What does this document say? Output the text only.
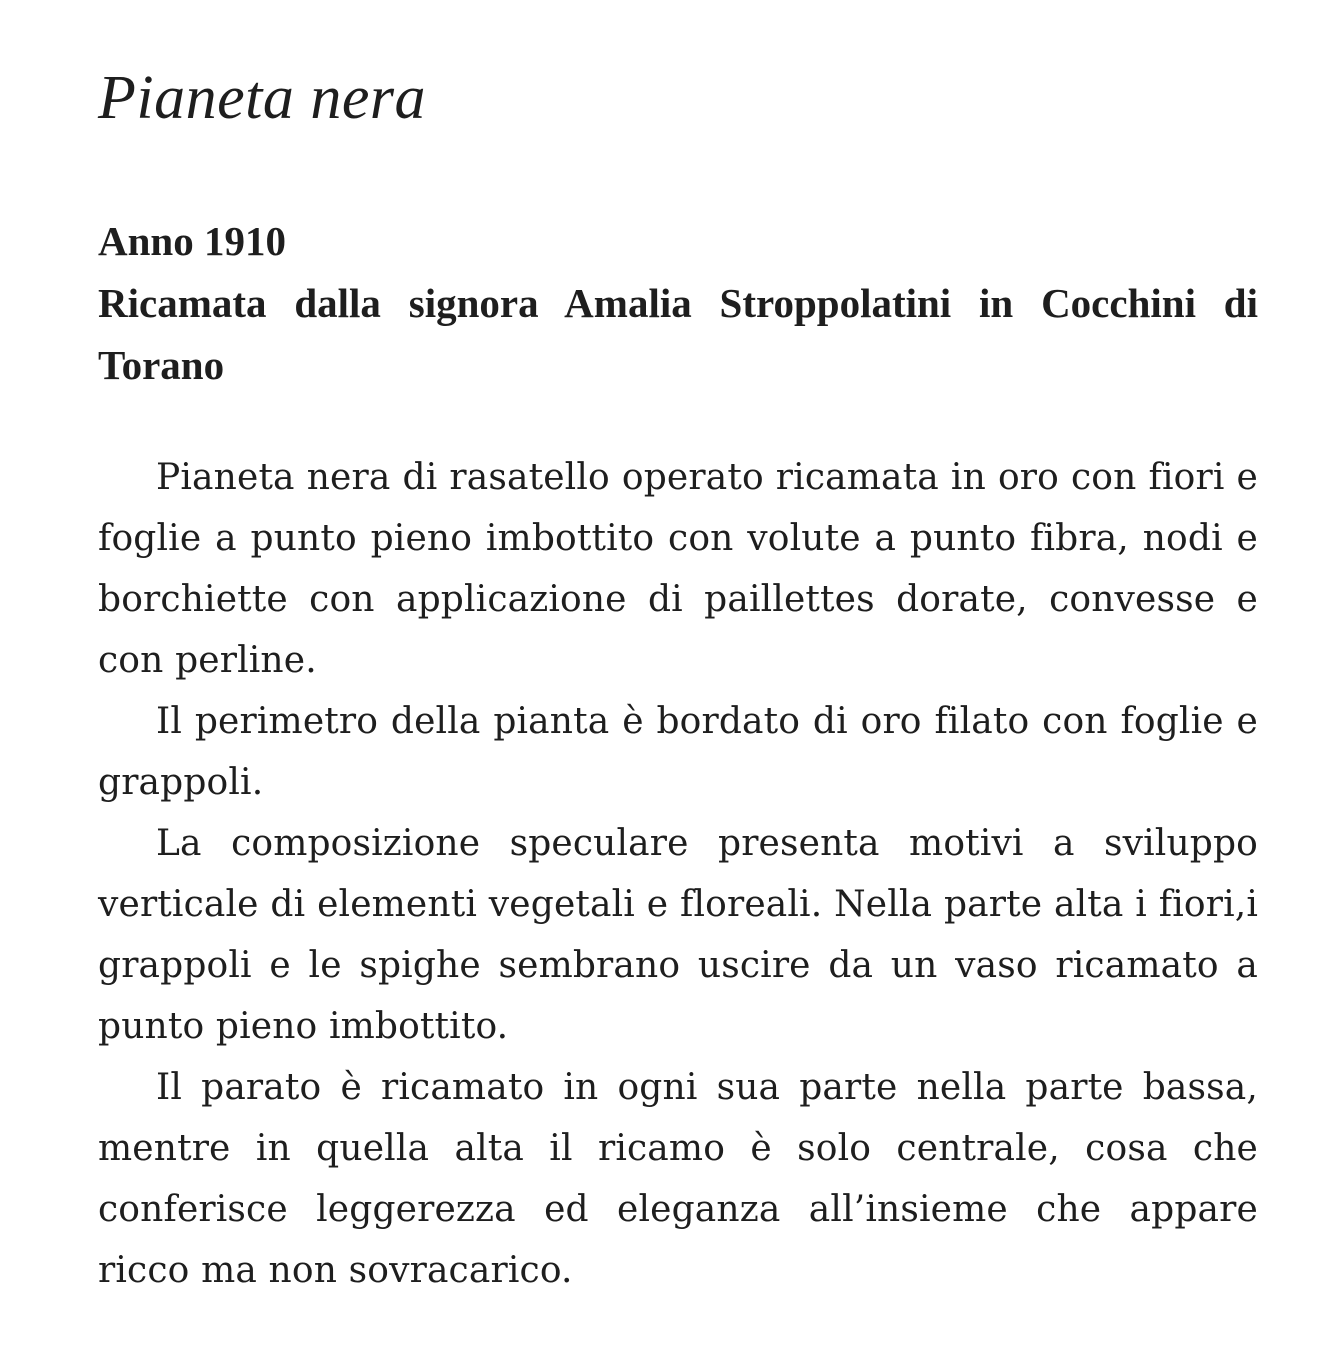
Pianeta nera
Anno 1910
Ricamata dalla signora Amalia Stroppolatini in Cocchini di Torano

Pianeta nera di rasatello operato ricamata in oro con fiori e foglie a punto pieno imbottito con volute a punto fibra, nodi e borchiette con applicazione di paillettes dorate, convesse e con perline.

Il perimetro della pianta è bordato di oro filato con foglie e grappoli.

La composizione speculare presenta motivi a sviluppo verticale di elementi vegetali e floreali. Nella parte alta i fiori,i grappoli e le spighe sembrano uscire da un vaso ricamato a punto pieno imbottito.

Il parato è ricamato in ogni sua parte nella parte bassa, mentre in quella alta il ricamo è solo centrale, cosa che conferisce leggerezza ed eleganza all’insieme che appare ricco ma non sovracarico.
